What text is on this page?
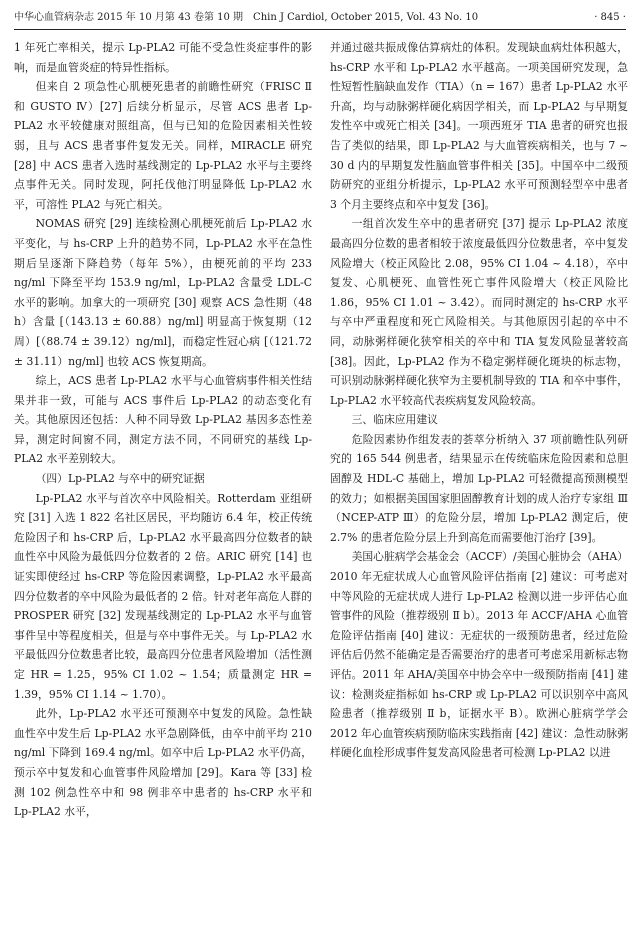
中华心血管病杂志 2015 年 10 月第 43 卷第 10 期　Chin J Cardiol, October 2015, Vol. 43 No. 10	· 845 ·

1 年死亡率相关，提示 Lp-PLA2 可能不受急性炎症事件的影响，而是血管炎症的特异性指标。

但来自 2 项急性心肌梗死患者的前瞻性研究（FRISC Ⅱ 和 GUSTO Ⅳ）[27] 后续分析显示，尽管 ACS 患者 Lp-PLA2 水平较健康对照组高，但与已知的危险因素相关性较弱，且与 ACS 患者事件复发无关。同样，MIRACLE 研究 [28] 中 ACS 患者入选时基线测定的 Lp-PLA2 水平与主要终点事件无关。同时发现，阿托伐他汀明显降低 Lp-PLA2 水平，可溶性 PLA2 与死亡相关。

NOMAS 研究 [29] 连续检测心肌梗死前后 Lp-PLA2 水平变化，与 hs-CRP 上升的趋势不同，Lp-PLA2 水平在急性期后呈逐渐下降趋势（每年 5%），由梗死前的平均 233 ng/ml 下降至平均 153.9 ng/ml，Lp-PLA2 含量受 LDL-C 水平的影响。加拿大的一项研究 [30] 观察 ACS 急性期（48 h）含量 [（143.13 ± 60.88）ng/ml] 明显高于恢复期（12 周）[（88.74 ± 39.12）ng/ml]，而稳定性冠心病 [（121.72 ± 31.11）ng/ml] 也较 ACS 恢复期高。

综上，ACS 患者 Lp-PLA2 水平与心血管病事件相关性结果并非一致，可能与 ACS 事件后 Lp-PLA2 的动态变化有关。其他原因还包括：人种不同导致 Lp-PLA2 基因多态性差异，测定时间窗不同，测定方法不同，不同研究的基线 Lp-PLA2 水平差别较大。

（四）Lp-PLA2 与卒中的研究证据

Lp-PLA2 水平与首次卒中风险相关。Rotterdam 亚组研究 [31] 入选 1 822 名社区居民，平均随访 6.4 年，校正传统危险因子和 hs-CRP 后，Lp-PLA2 水平最高四分位数者的缺血性卒中风险为最低四分位数者的 2 倍。ARIC 研究 [14] 也证实即使经过 hs-CRP 等危险因素调整，Lp-PLA2 水平最高四分位数者的卒中风险为最低者的 2 倍。针对老年高危人群的 PROSPER 研究 [32] 发现基线测定的 Lp-PLA2 水平与血管事件呈中等程度相关，但是与卒中事件无关。与 Lp-PLA2 水平最低四分位数患者比较，最高四分位患者风险增加（活性测定 HR = 1.25，95% CI 1.02 ~ 1.54；质量测定 HR = 1.39，95% CI 1.14 ~ 1.70）。

此外，Lp-PLA2 水平还可预测卒中复发的风险。急性缺血性卒中发生后 Lp-PLA2 水平急剧降低，由卒中前平均 210 ng/ml 下降到 169.4 ng/ml。如卒中后 Lp-PLA2 水平仍高，预示卒中复发和心血管事件风险增加 [29]。Kara 等 [33] 检测 102 例急性卒中和 98 例非卒中患者的 hs-CRP 水平和 Lp-PLA2 水平，

并通过磁共振成像估算病灶的体积。发现缺血病灶体积越大，hs-CRP 水平和 Lp-PLA2 水平越高。一项美国研究发现，急性短暂性脑缺血发作（TIA）（n = 167）患者 Lp-PLA2 水平升高，均与动脉粥样硬化病因学相关，而 Lp-PLA2 与早期复发性卒中或死亡相关 [34]。一项西班牙 TIA 患者的研究也报告了类似的结果，即 Lp-PLA2 与大血管疾病相关，也与 7 ~ 30 d 内的早期复发性脑血管事件相关 [35]。中国卒中二级预防研究的亚组分析提示，Lp-PLA2 水平可预测轻型卒中患者 3 个月主要终点和卒中复发 [36]。

一组首次发生卒中的患者研究 [37] 提示 Lp-PLA2 浓度最高四分位数的患者相较于浓度最低四分位数患者，卒中复发风险增大（校正风险比 2.08，95% CI 1.04 ~ 4.18），卒中复发、心肌梗死、血管性死亡事件风险增大（校正风险比 1.86，95% CI 1.01 ~ 3.42）。而同时测定的 hs-CRP 水平与卒中严重程度和死亡风险相关。与其他原因引起的卒中不同，动脉粥样硬化狭窄相关的卒中和 TIA 复发风险显著较高 [38]。因此，Lp-PLA2 作为不稳定粥样硬化斑块的标志物，可识别动脉粥样硬化狭窄为主要机制导致的 TIA 和卒中事件，Lp-PLA2 水平较高代表疾病复发风险较高。

三、临床应用建议

危险因素协作组发表的荟萃分析纳入 37 项前瞻性队列研究的 165 544 例患者，结果显示在传统临床危险因素和总胆固醇及 HDL-C 基础上，增加 Lp-PLA2 可轻微提高预测模型的效力；如根据美国国家胆固醇教育计划的成人治疗专家组 Ⅲ（NCEP-ATP Ⅲ）的危险分层，增加 Lp-PLA2 测定后，使 2.7% 的患者危险分层上升到高危而需要他汀治疗 [39]。

美国心脏病学会基金会（ACCF）/美国心脏协会（AHA）2010 年无症状成人心血管风险评估指南 [2] 建议：可考虑对中等风险的无症状成人进行 Lp-PLA2 检测以进一步评估心血管事件的风险（推荐级别 Ⅱ b）。2013 年 ACCF/AHA 心血管危险评估指南 [40] 建议：无症状的一级预防患者，经过危险评估后仍然不能确定是否需要治疗的患者可考虑采用新标志物评估。2011 年 AHA/美国卒中协会卒中一级预防指南 [41] 建议：检测炎症指标如 hs-CRP 或 Lp-PLA2 可以识别卒中高风险患者（推荐级别 Ⅱ b，证据水平 B）。欧洲心脏病学学会 2012 年心血管疾病预防临床实践指南 [42] 建议：急性动脉粥样硬化血栓形成事件复发高风险患者可检测 Lp-PLA2 以进
